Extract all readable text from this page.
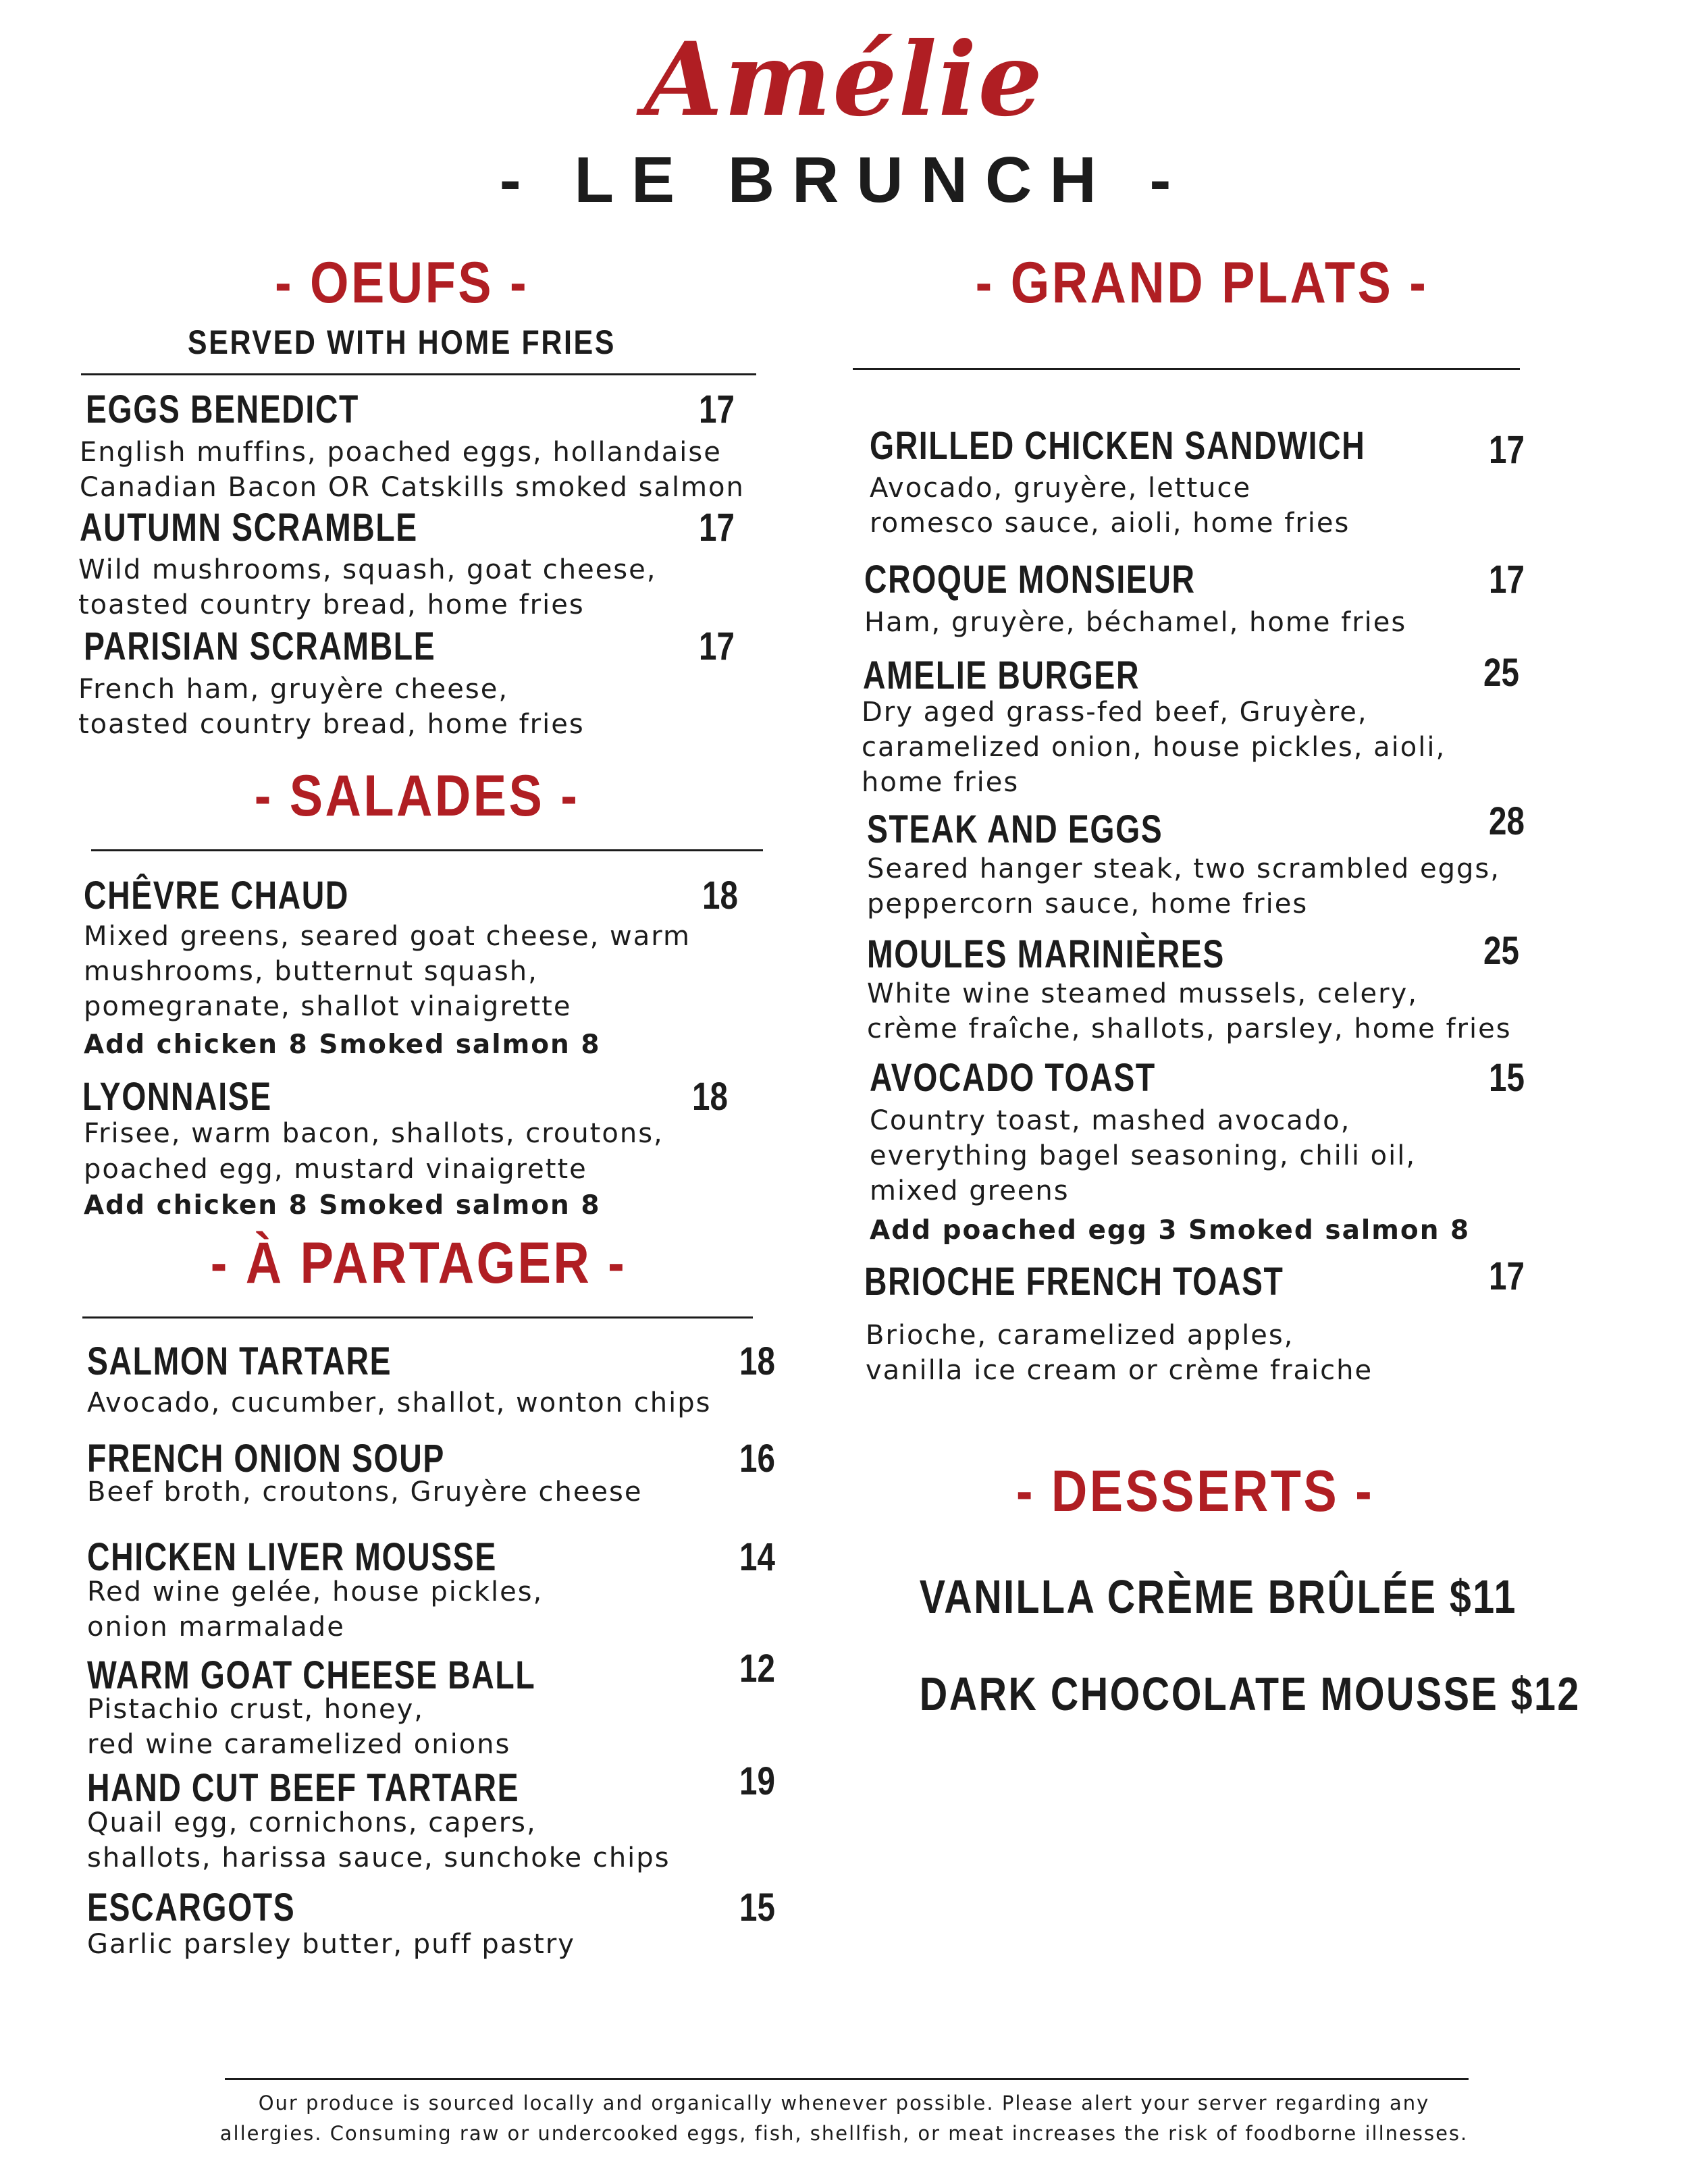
Amélie
- LE BRUNCH -
- OEUFS -
SERVED WITH HOME FRIES
EGGS BENEDICT	17
English muffins, poached eggs, hollandaise
Canadian Bacon OR Catskills smoked salmon
AUTUMN SCRAMBLE	17
Wild mushrooms, squash, goat cheese,
toasted country bread, home fries
PARISIAN SCRAMBLE	17
French ham, gruyère cheese,
toasted country bread, home fries
- SALADES -
CHÊVRE CHAUD	18
Mixed greens, seared goat cheese, warm
mushrooms, butternut squash,
pomegranate, shallot vinaigrette
Add chicken 8 Smoked salmon 8
LYONNAISE	18
Frisee, warm bacon, shallots, croutons,
poached egg, mustard vinaigrette
Add chicken 8 Smoked salmon 8
- À PARTAGER -
SALMON TARTARE	18
Avocado, cucumber, shallot, wonton chips
FRENCH ONION SOUP	16
Beef broth, croutons, Gruyère cheese
CHICKEN LIVER MOUSSE	14
Red wine gelée, house pickles,
onion marmalade
WARM GOAT CHEESE BALL	12
Pistachio crust, honey,
red wine caramelized onions
HAND CUT BEEF TARTARE	19
Quail egg, cornichons, capers,
shallots, harissa sauce, sunchoke chips
ESCARGOTS	15
Garlic parsley butter, puff pastry
- GRAND PLATS -
GRILLED CHICKEN SANDWICH	17
Avocado, gruyère, lettuce
romesco sauce, aioli, home fries
CROQUE MONSIEUR	17
Ham, gruyère, béchamel, home fries
AMELIE BURGER	25
Dry aged grass-fed beef, Gruyère,
caramelized onion, house pickles, aioli,
home fries
STEAK AND EGGS	28
Seared hanger steak, two scrambled eggs,
peppercorn sauce, home fries
MOULES MARINIÈRES	25
White wine steamed mussels, celery,
crème fraîche, shallots, parsley, home fries
AVOCADO TOAST	15
Country toast, mashed avocado,
everything bagel seasoning, chili oil,
mixed greens
Add poached egg 3 Smoked salmon 8
BRIOCHE FRENCH TOAST	17
Brioche, caramelized apples,
vanilla ice cream or crème fraiche
- DESSERTS -
VANILLA CRÈME BRÛLÉE $11
DARK CHOCOLATE MOUSSE $12
Our produce is sourced locally and organically whenever possible. Please alert your server regarding any
allergies. Consuming raw or undercooked eggs, fish, shellfish, or meat increases the risk of foodborne illnesses.
